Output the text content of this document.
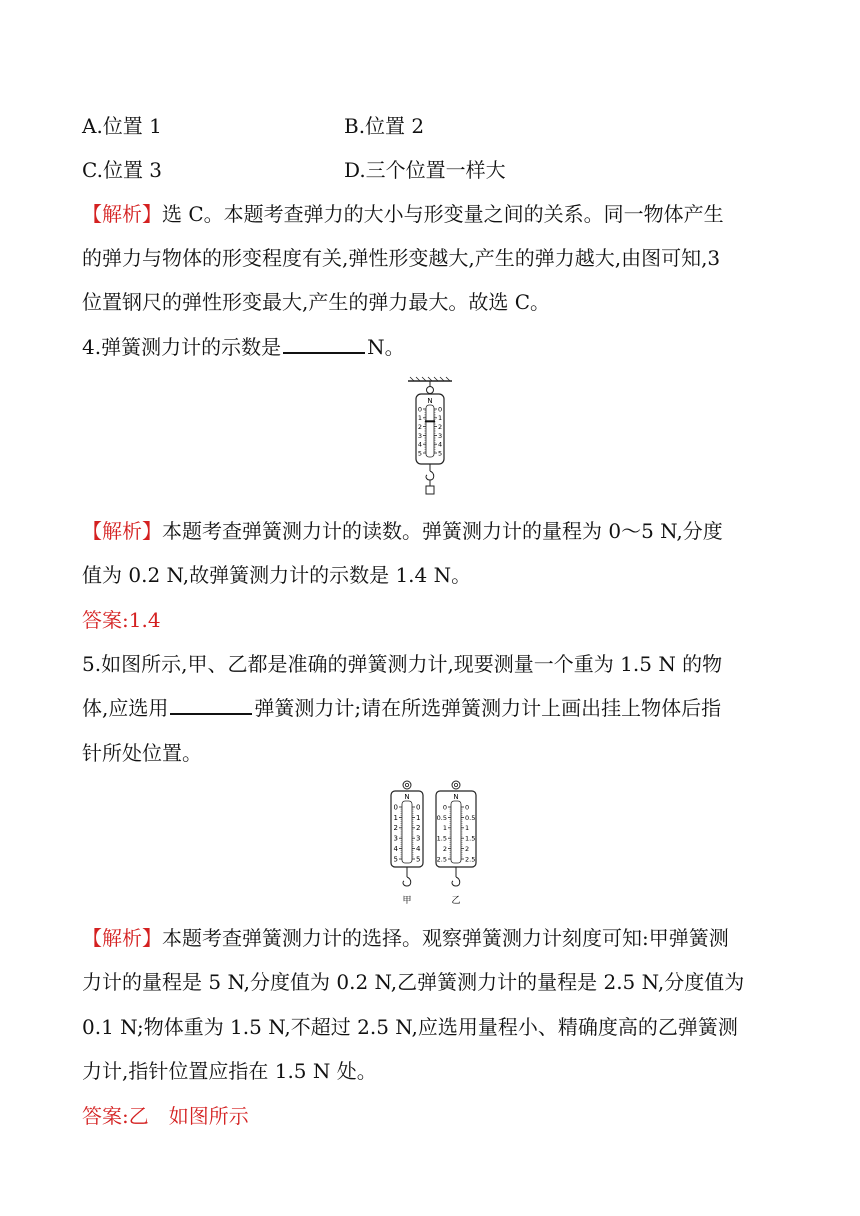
A.位置 1	B.位置 2
C.位置 3	D.三个位置一样大
【解析】选 C。本题考查弹力的大小与形变量之间的关系。同一物体产生
的弹力与物体的形变程度有关,弹性形变越大,产生的弹力越大,由图可知,3
位置钢尺的弹性形变最大,产生的弹力最大。故选 C。
4.弹簧测力计的示数是	N。
N
0 0
1 1
2 2
3 3
4 4
5 5
【解析】本题考查弹簧测力计的读数。弹簧测力计的量程为 0～5 N,分度
值为 0.2 N,故弹簧测力计的示数是 1.4 N。
答案:1.4
5.如图所示,甲、乙都是准确的弹簧测力计,现要测量一个重为 1.5 N 的物
体,应选用	弹簧测力计;请在所选弹簧测力计上画出挂上物体后指
针所处位置。
N
0	0
1	1
2	2
3	3
4	4
5	5
甲
N
0	0
0.5	0.5
1	1
1.5	1.5
2	2
2.5	2.5
乙
【解析】本题考查弹簧测力计的选择。观察弹簧测力计刻度可知:甲弹簧测
力计的量程是 5 N,分度值为 0.2 N,乙弹簧测力计的量程是 2.5 N,分度值为
0.1 N;物体重为 1.5 N,不超过 2.5 N,应选用量程小、精确度高的乙弹簧测
力计,指针位置应指在 1.5 N 处。
答案:乙　如图所示
